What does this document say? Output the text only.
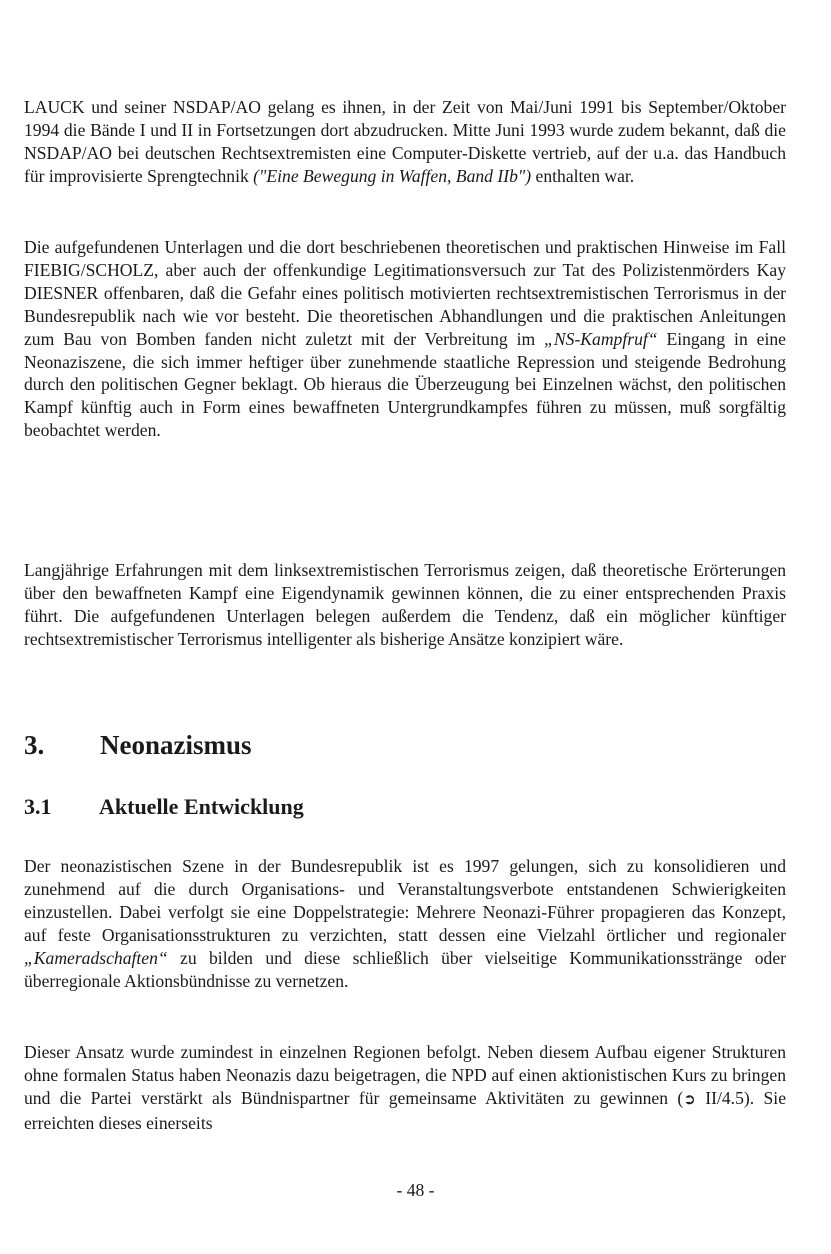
LAUCK und seiner NSDAP/AO gelang es ihnen, in der Zeit von Mai/Juni 1991 bis September/Oktober 1994 die Bände I und II in Fortsetzungen dort abzudrucken. Mitte Juni 1993 wurde zudem bekannt, daß die NSDAP/AO bei deutschen Rechtsextremisten eine Computer-Diskette vertrieb, auf der u.a. das Handbuch für improvisierte Sprengtechnik ("Eine Bewegung in Waffen, Band IIb") enthalten war.

Die aufgefundenen Unterlagen und die dort beschriebenen theoretischen und praktischen Hinweise im Fall FIEBIG/SCHOLZ, aber auch der offenkundige Legitimationsversuch zur Tat des Polizistenmörders Kay DIESNER offenbaren, daß die Gefahr eines politisch motivierten rechtsextremistischen Terrorismus in der Bundesrepublik nach wie vor besteht. Die theoretischen Abhandlungen und die praktischen Anleitungen zum Bau von Bomben fanden nicht zuletzt mit der Verbreitung im „NS-Kampfruf“ Eingang in eine Neonaziszene, die sich immer heftiger über zunehmende staatliche Repression und steigende Bedrohung durch den politischen Gegner beklagt. Ob hieraus die Überzeugung bei Einzelnen wächst, den politischen Kampf künftig auch in Form eines bewaffneten Untergrundkampfes führen zu müssen, muß sorgfältig beobachtet werden.

Langjährige Erfahrungen mit dem linksextremistischen Terrorismus zeigen, daß theoretische Erörterungen über den bewaffneten Kampf eine Eigendynamik gewinnen können, die zu einer entsprechenden Praxis führt. Die aufgefundenen Unterlagen belegen außerdem die Tendenz, daß ein möglicher künftiger rechtsextremistischer Terrorismus intelligenter als bisherige Ansätze konzipiert wäre.

3. Neonazismus
3.1 Aktuelle Entwicklung

Der neonazistischen Szene in der Bundesrepublik ist es 1997 gelungen, sich zu konsolidieren und zunehmend auf die durch Organisations- und Veranstaltungsverbote entstandenen Schwierigkeiten einzustellen. Dabei verfolgt sie eine Doppelstrategie: Mehrere Neonazi-Führer propagieren das Konzept, auf feste Organisationsstrukturen zu verzichten, statt dessen eine Vielzahl örtlicher und regionaler „Kameradschaften“ zu bilden und diese schließlich über vielseitige Kommunikationsstränge oder überregionale Aktionsbündnisse zu vernetzen.

Dieser Ansatz wurde zumindest in einzelnen Regionen befolgt. Neben diesem Aufbau eigener Strukturen ohne formalen Status haben Neonazis dazu beigetragen, die NPD auf einen aktionistischen Kurs zu bringen und die Partei verstärkt als Bündnispartner für gemeinsame Aktivitäten zu gewinnen (➲ II/4.5). Sie erreichten dieses einerseits

- 48 -
